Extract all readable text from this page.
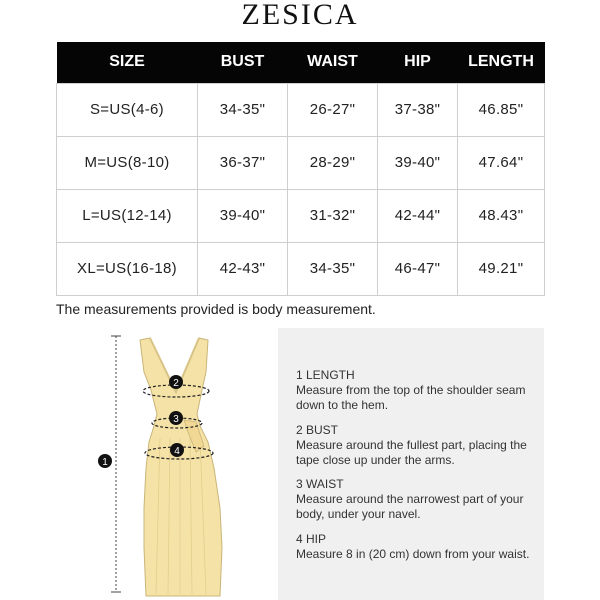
ZESICA
SIZE	BUST	WAIST	HIP	LENGTH
S=US(4-6)	34-35"	26-27"	37-38"	46.85"
M=US(8-10)	36-37"	28-29"	39-40"	47.64"
L=US(12-14)	39-40"	31-32"	42-44"	48.43"
XL=US(16-18)	42-43"	34-35"	46-47"	49.21"
The measurements provided is body measurement.
1
2
3
4
1 LENGTH
Measure from the top of the shoulder seam down to the hem.
2 BUST
Measure around the fullest part, placing the tape close up under the arms.
3 WAIST
Measure around the narrowest part of your body, under your navel.
4 HIP
Measure 8 in (20 cm) down from your waist.
